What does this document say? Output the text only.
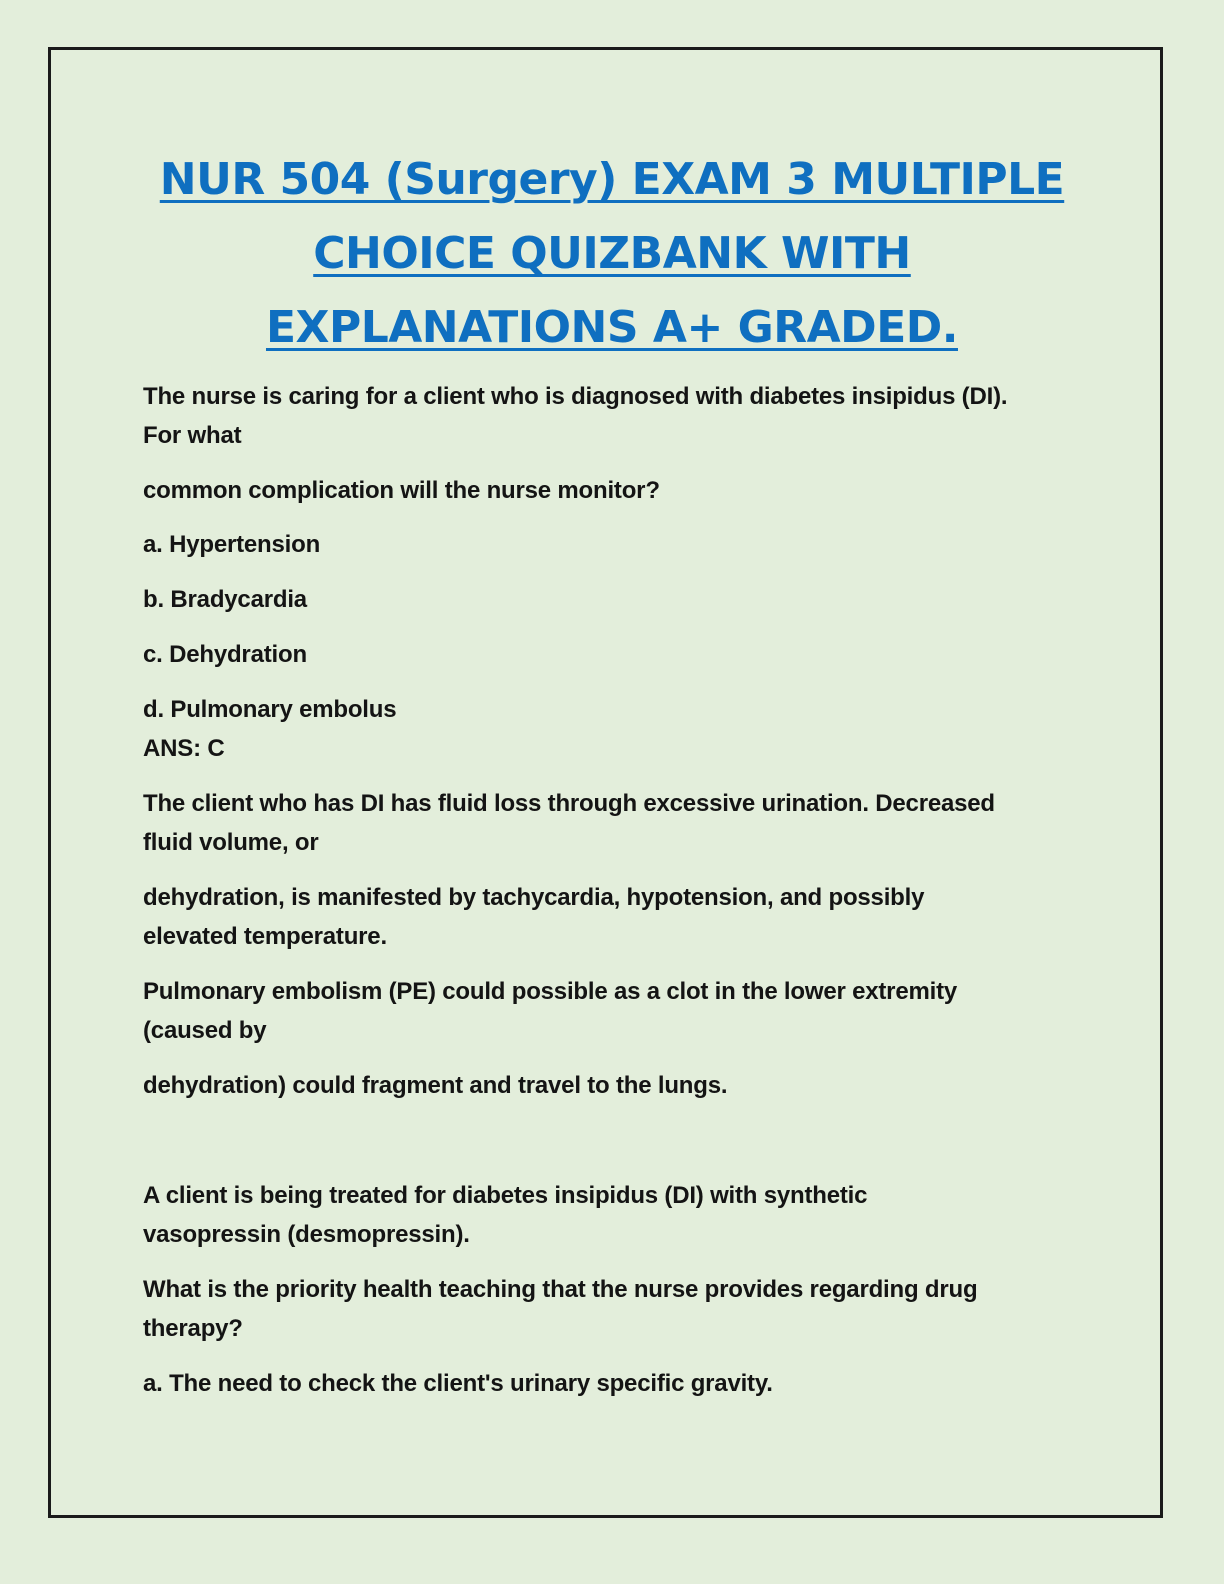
NUR 504 (Surgery) EXAM 3 MULTIPLE
CHOICE QUIZBANK WITH
EXPLANATIONS A+ GRADED.
The nurse is caring for a client who is diagnosed with diabetes insipidus (DI).
For what
common complication will the nurse monitor?
a. Hypertension
b. Bradycardia
c. Dehydration
d. Pulmonary embolus
ANS: C
The client who has DI has fluid loss through excessive urination. Decreased
fluid volume, or
dehydration, is manifested by tachycardia, hypotension, and possibly
elevated temperature.
Pulmonary embolism (PE) could possible as a clot in the lower extremity
(caused by
dehydration) could fragment and travel to the lungs.
A client is being treated for diabetes insipidus (DI) with synthetic
vasopressin (desmopressin).
What is the priority health teaching that the nurse provides regarding drug
therapy?
a. The need to check the client's urinary specific gravity.
